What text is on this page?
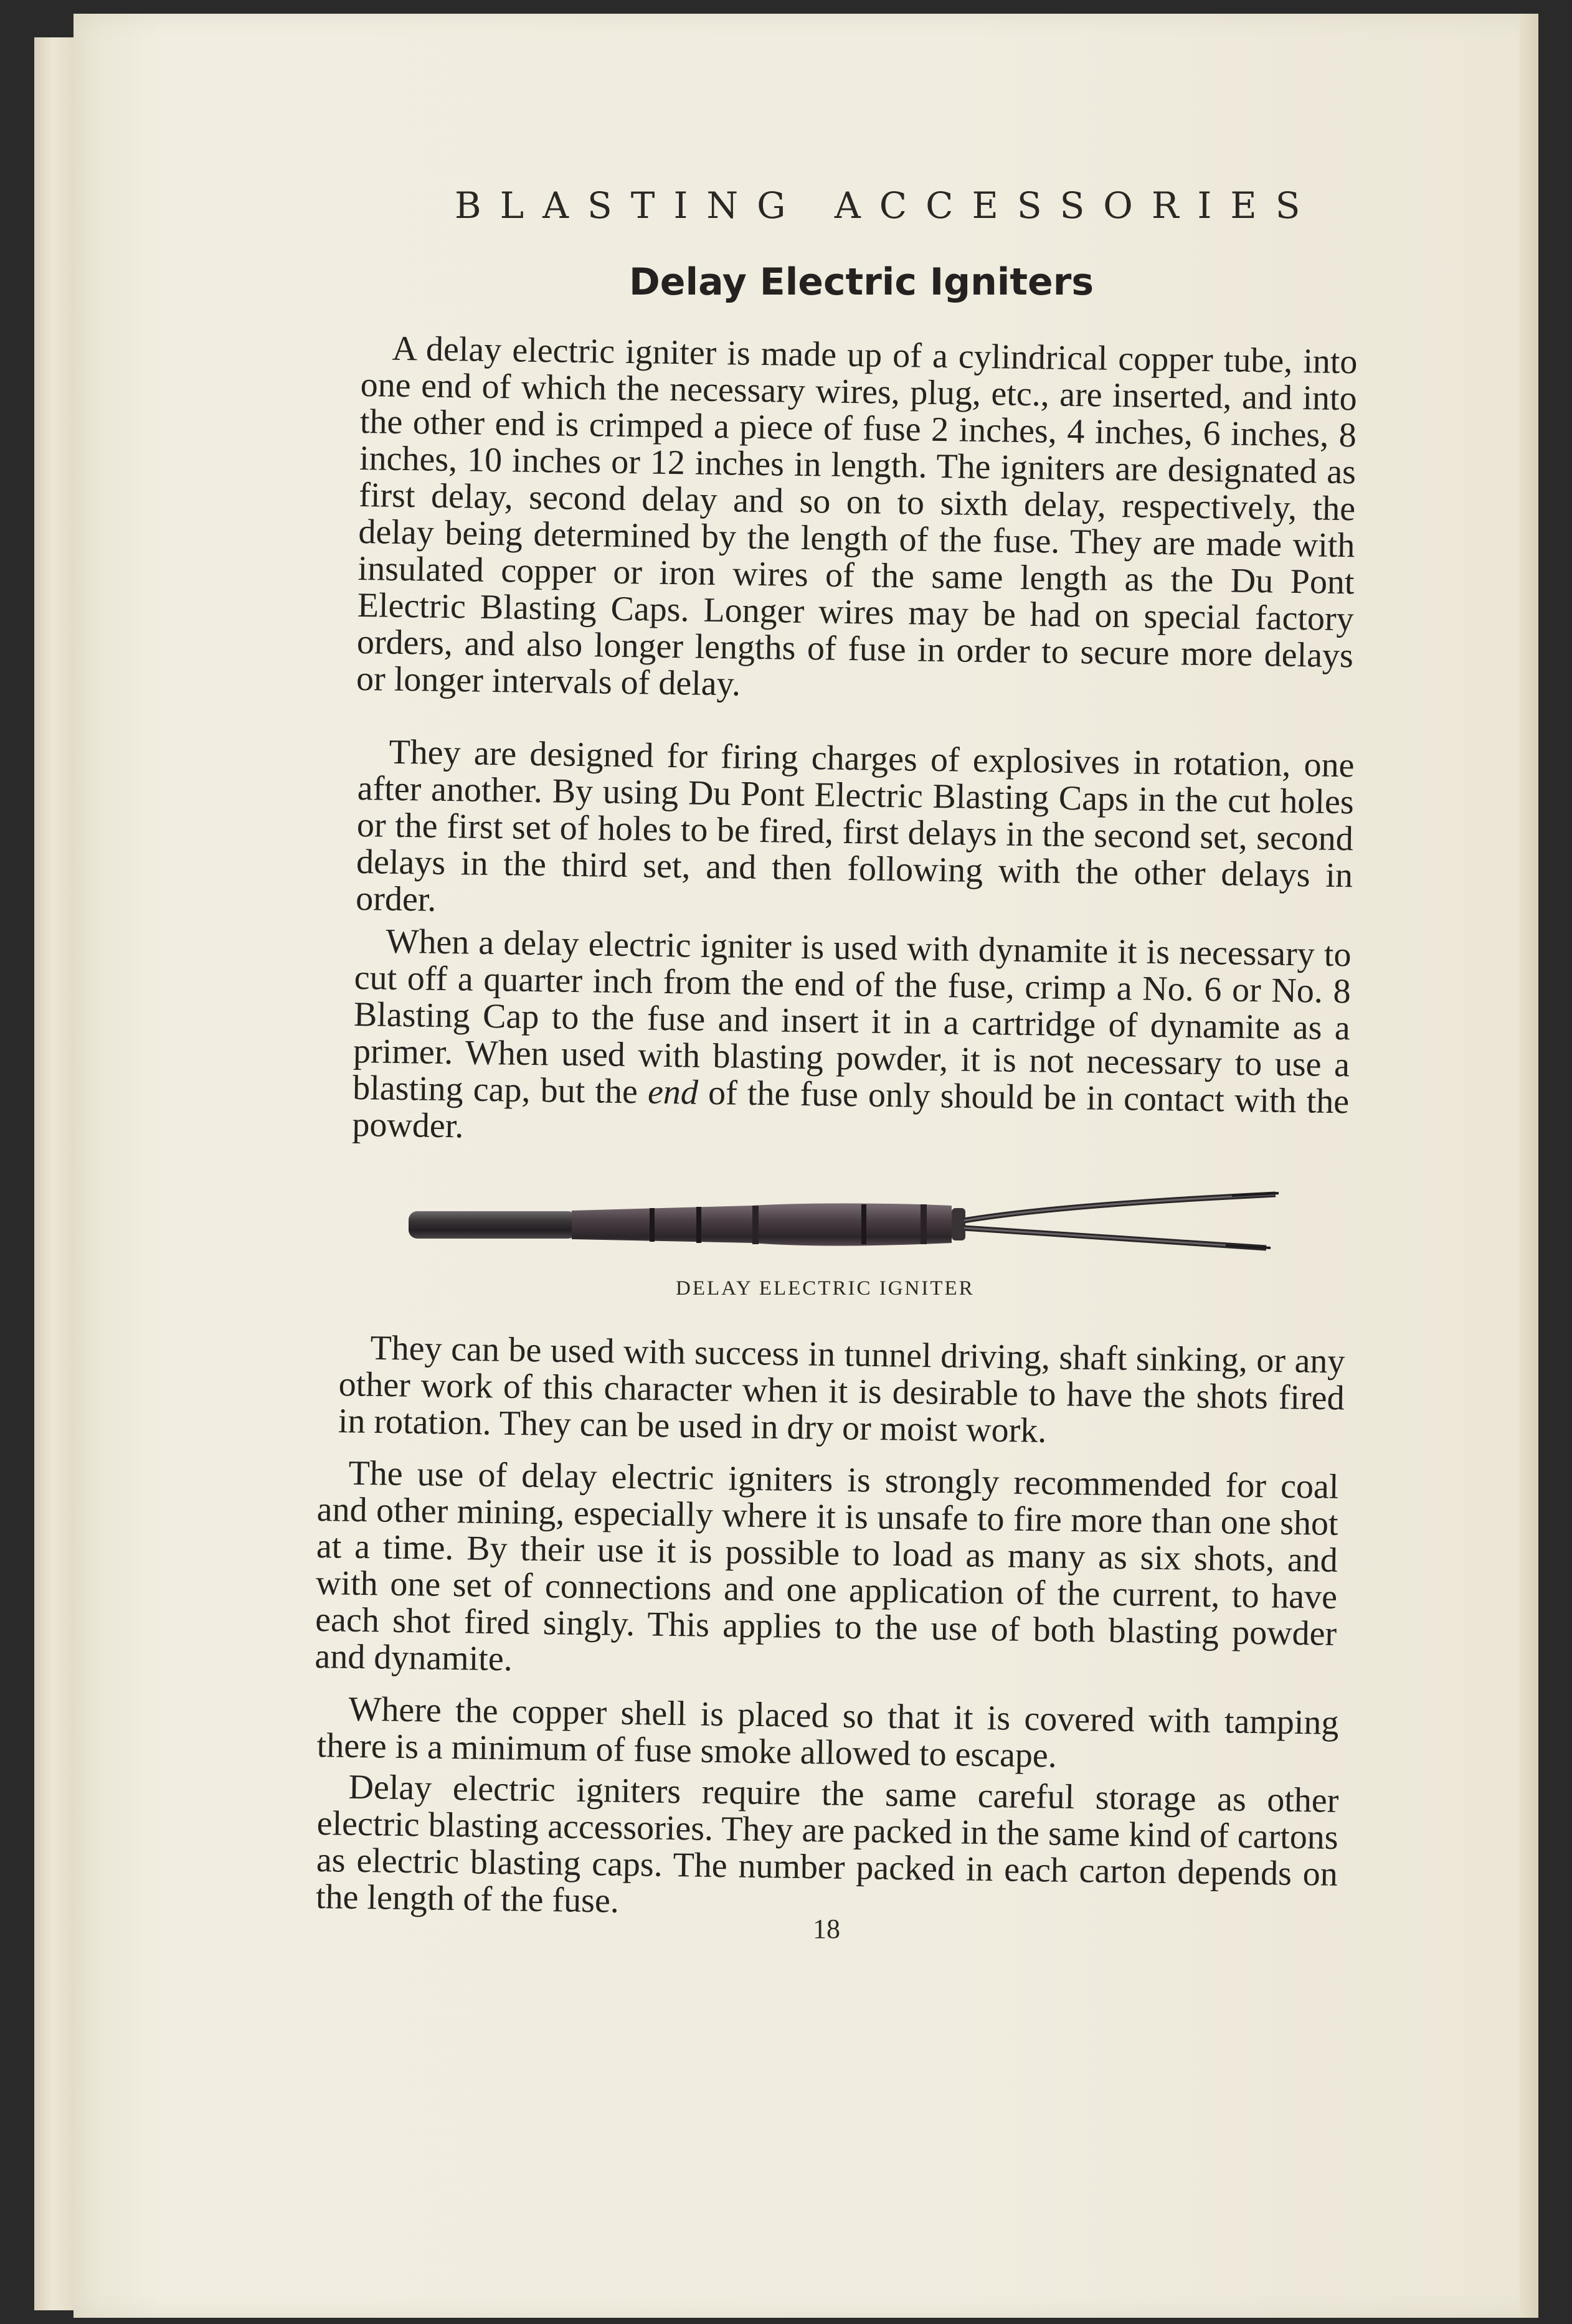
BLASTING ACCESSORIES
Delay Electric Igniters

A delay electric igniter is made up of a cylindrical copper tube, into one end of which the necessary wires, plug, etc., are inserted, and into the other end is crimped a piece of fuse 2 inches, 4 inches, 6 inches, 8 inches, 10 inches or 12 inches in length. The igniters are designated as first delay, second delay and so on to sixth delay, respectively, the delay being determined by the length of the fuse. They are made with insulated copper or iron wires of the same length as the Du Pont Electric Blasting Caps. Longer wires may be had on special factory orders, and also longer lengths of fuse in order to secure more delays or longer intervals of delay.

They are designed for firing charges of explosives in rotation, one after another. By using Du Pont Electric Blasting Caps in the cut holes or the first set of holes to be fired, first delays in the second set, second delays in the third set, and then following with the other delays in order.

When a delay electric igniter is used with dynamite it is necessary to cut off a quarter inch from the end of the fuse, crimp a No. 6 or No. 8 Blasting Cap to the fuse and insert it in a cartridge of dynamite as a primer. When used with blasting powder, it is not necessary to use a blasting cap, but the end of the fuse only should be in contact with the powder.

DELAY ELECTRIC IGNITER

They can be used with success in tunnel driving, shaft sinking, or any other work of this character when it is desirable to have the shots fired in rotation. They can be used in dry or moist work.

The use of delay electric igniters is strongly recommended for coal and other mining, especially where it is unsafe to fire more than one shot at a time. By their use it is possible to load as many as six shots, and with one set of connections and one application of the current, to have each shot fired singly. This applies to the use of both blasting powder and dynamite.

Where the copper shell is placed so that it is covered with tamping there is a minimum of fuse smoke allowed to escape.

Delay electric igniters require the same careful storage as other electric blasting accessories. They are packed in the same kind of cartons as electric blasting caps. The number packed in each carton depends on the length of the fuse.

18
